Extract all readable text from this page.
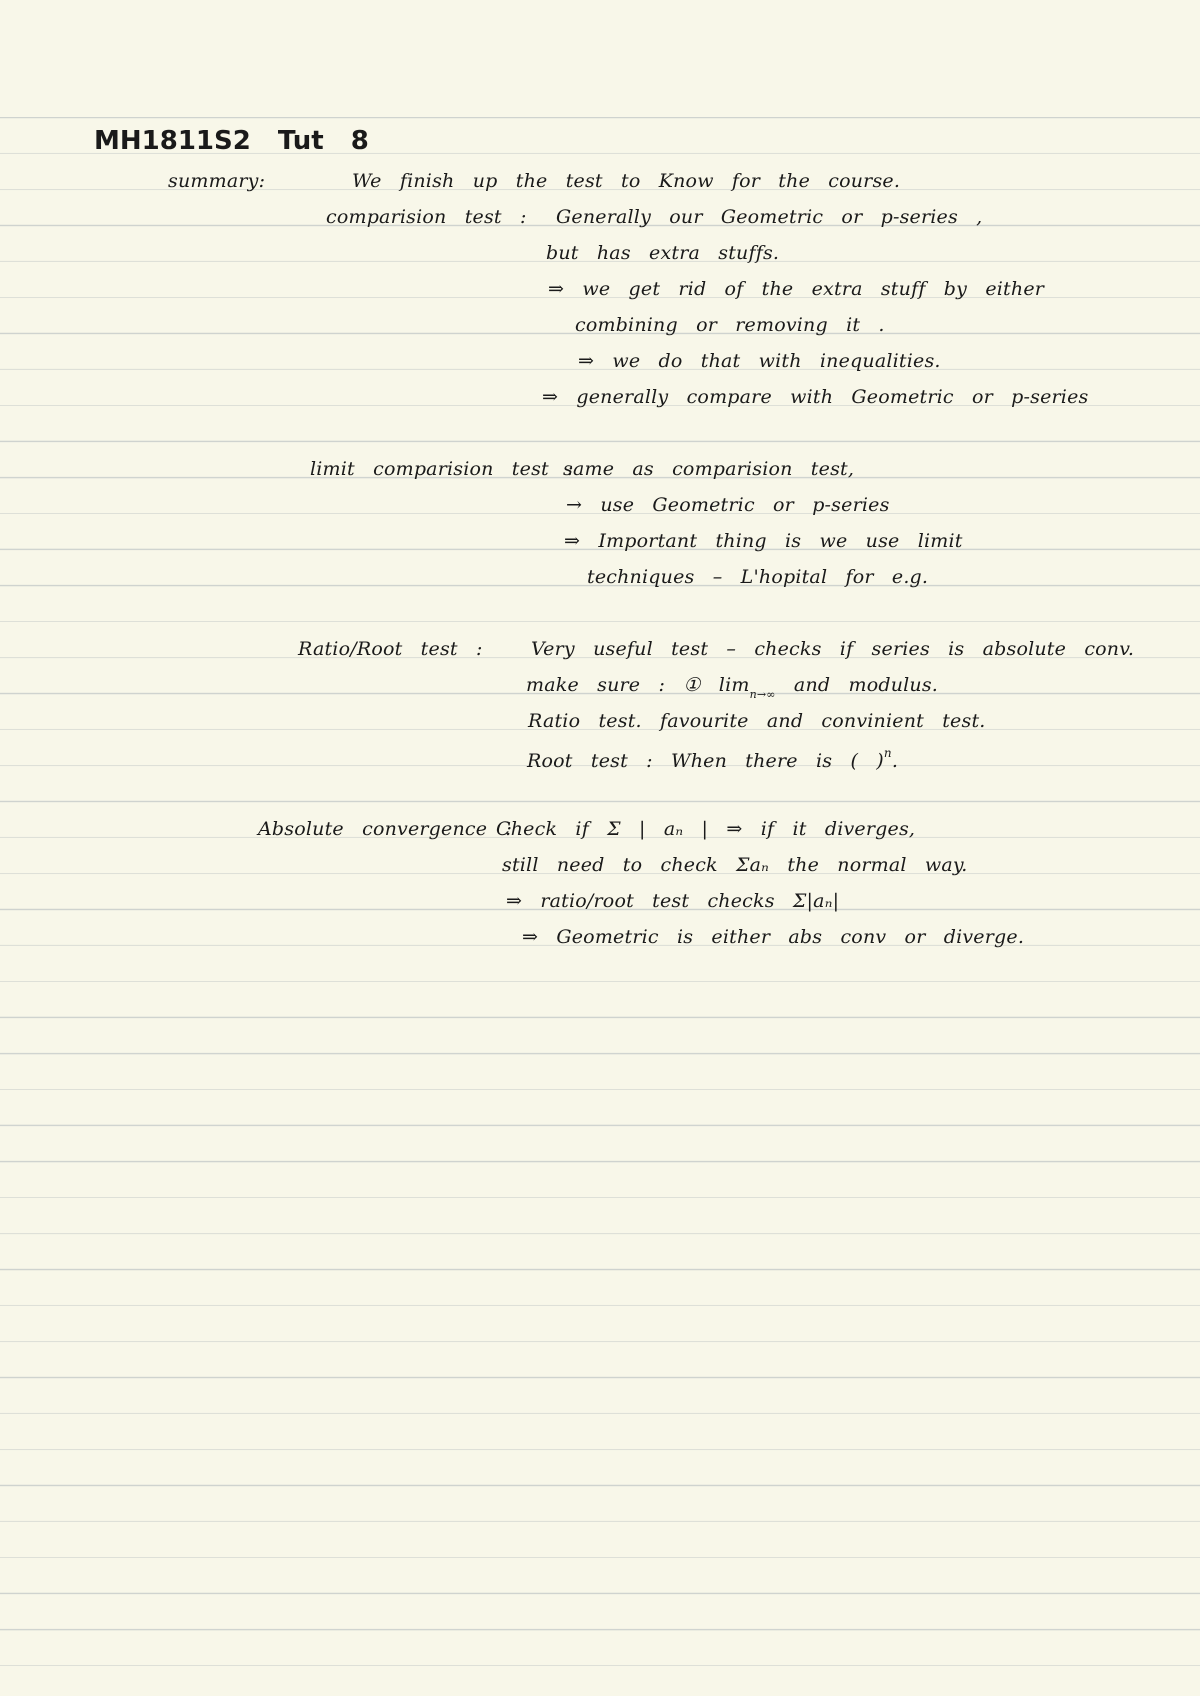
MH1811S2 Tut 8
summary:	We finish up the test to Know for the course.
comparision test : Generally our Geometric or p-series ,
but has extra stuffs.
⇒ we get rid of the extra stuff by either
combining or removing it .
⇒ we do that with inequalities.
⇒ generally compare with Geometric or p-series
limit comparision test :
same as comparision test,
→ use Geometric or p-series
⇒ Important thing is we use limit
techniques – L'hopital for e.g.
Ratio/Root test :	Very useful test – checks if series is absolute conv.
make sure : ① $\lim_{n\to\infty}$ and modulus.
Ratio test. favourite and convinient test.
Root test : When there is ( )$^n$.
Absolute convergence :
Check if Σ | aₙ | ⇒ if it diverges,
still need to check Σaₙ the normal way.
⇒ ratio/root test checks Σ|aₙ|
⇒ Geometric is either abs conv or diverge.
